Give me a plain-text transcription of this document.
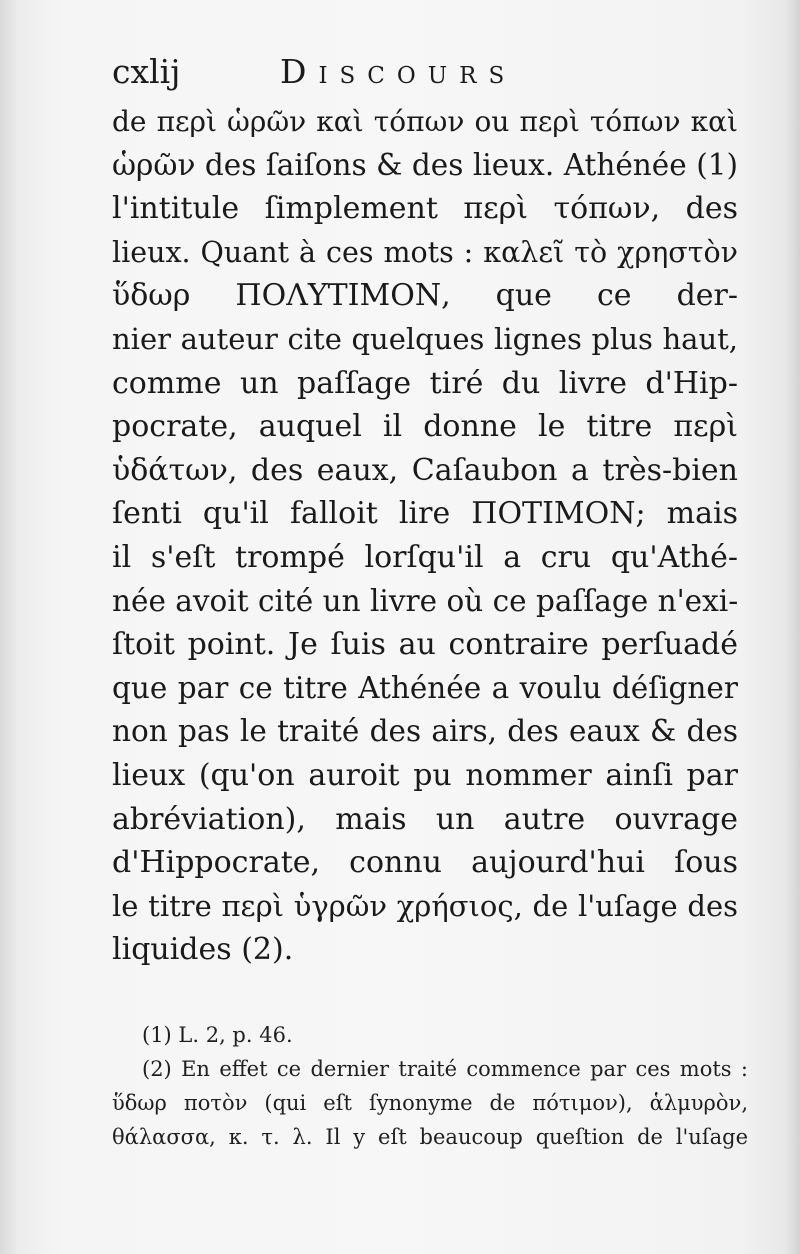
cxlij	Discours
de περὶ ὡρῶν καὶ τόπων ou περὶ τόπων καὶ
ὡρῶν des ſaiſons & des lieux. Athénée (1)
l'intitule ſimplement περὶ τόπων, des
lieux. Quant à ces mots : καλεῖ τὸ χρηστὸν
ὕδωρ ΠΟΛΥΤΙΜΟΝ, que ce der-
nier auteur cite quelques lignes plus haut,
comme un paſſage tiré du livre d'Hip-
pocrate, auquel il donne le titre περὶ
ὑδάτων, des eaux, Caſaubon a très-bien
ſenti qu'il falloit lire ΠΟΤΙΜΟΝ; mais
il s'eſt trompé lorſqu'il a cru qu'Athé-
née avoit cité un livre où ce paſſage n'exi-
ſtoit point. Je ſuis au contraire perſuadé
que par ce titre Athénée a voulu déſigner
non pas le traité des airs, des eaux & des
lieux (qu'on auroit pu nommer ainſi par
abréviation), mais un autre ouvrage
d'Hippocrate, connu aujourd'hui ſous
le titre περὶ ὑγρῶν χρήσιος, de l'uſage des
liquides (2).
(1) L. 2, p. 46.
(2) En effet ce dernier traité commence par ces mots :
ὕδωρ ποτὸν (qui eſt ſynonyme de πότιμον), ἁλμυρὸν,
θάλασσα, κ. τ. λ. Il y eſt beaucoup queſtion de l'uſage
